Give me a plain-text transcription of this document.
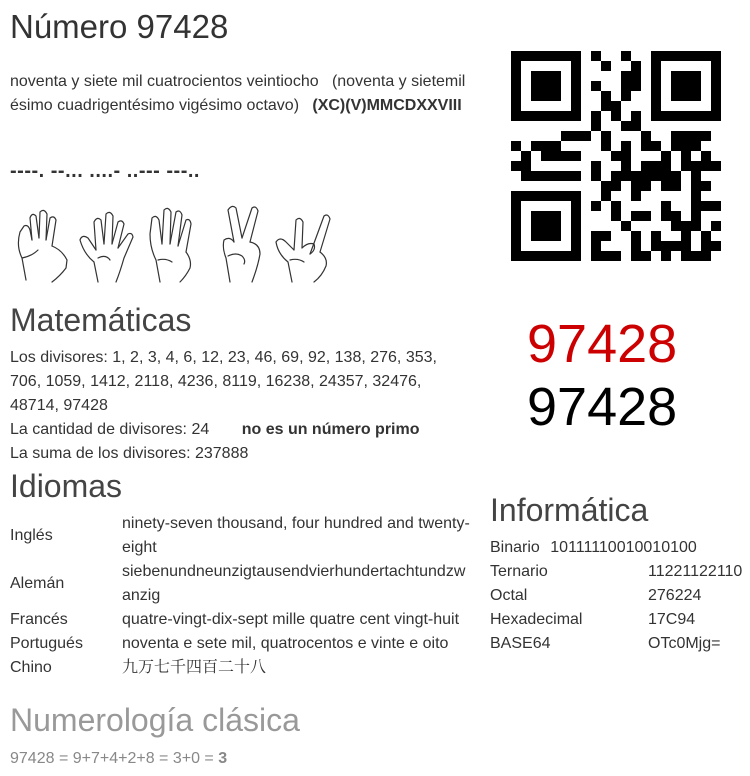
Número 97428
noventa y siete mil cuatrocientos veintiocho (noventa y sietemil
ésimo cuadrigentésimo vigésimo octavo) (XC)(V)MMCDXXVIII
----. --... ....- ..--- ---..
Matemáticas
Los divisores: 1, 2, 3, 4, 6, 12, 23, 46, 69, 92, 138, 276, 353,
706, 1059, 1412, 2118, 4236, 8119, 16238, 24357, 32476,
48714, 97428
La cantidad de divisores: 24 no es un número primo
La suma de los divisores: 237888
97428
97428
Idiomas
Inglés	ninety-seven thousand, four hundred and twenty-
eight

Alemán	siebenundneunzigtausendvierhundertachtundzw
anzig

Francés	quatre-vingt-dix-sept mille quatre cent vingt-huit
Portugués	noventa e sete mil, quatrocentos e vinte e oito
Chino	九万七千四百二十八
Informática
Binario 10111110010010100
Ternario	11221122110
Octal	276224
Hexadecimal	17C94
BASE64	OTc0Mjg=
Numerología clásica
97428 = 9+7+4+2+8 = 3+0 = 3
